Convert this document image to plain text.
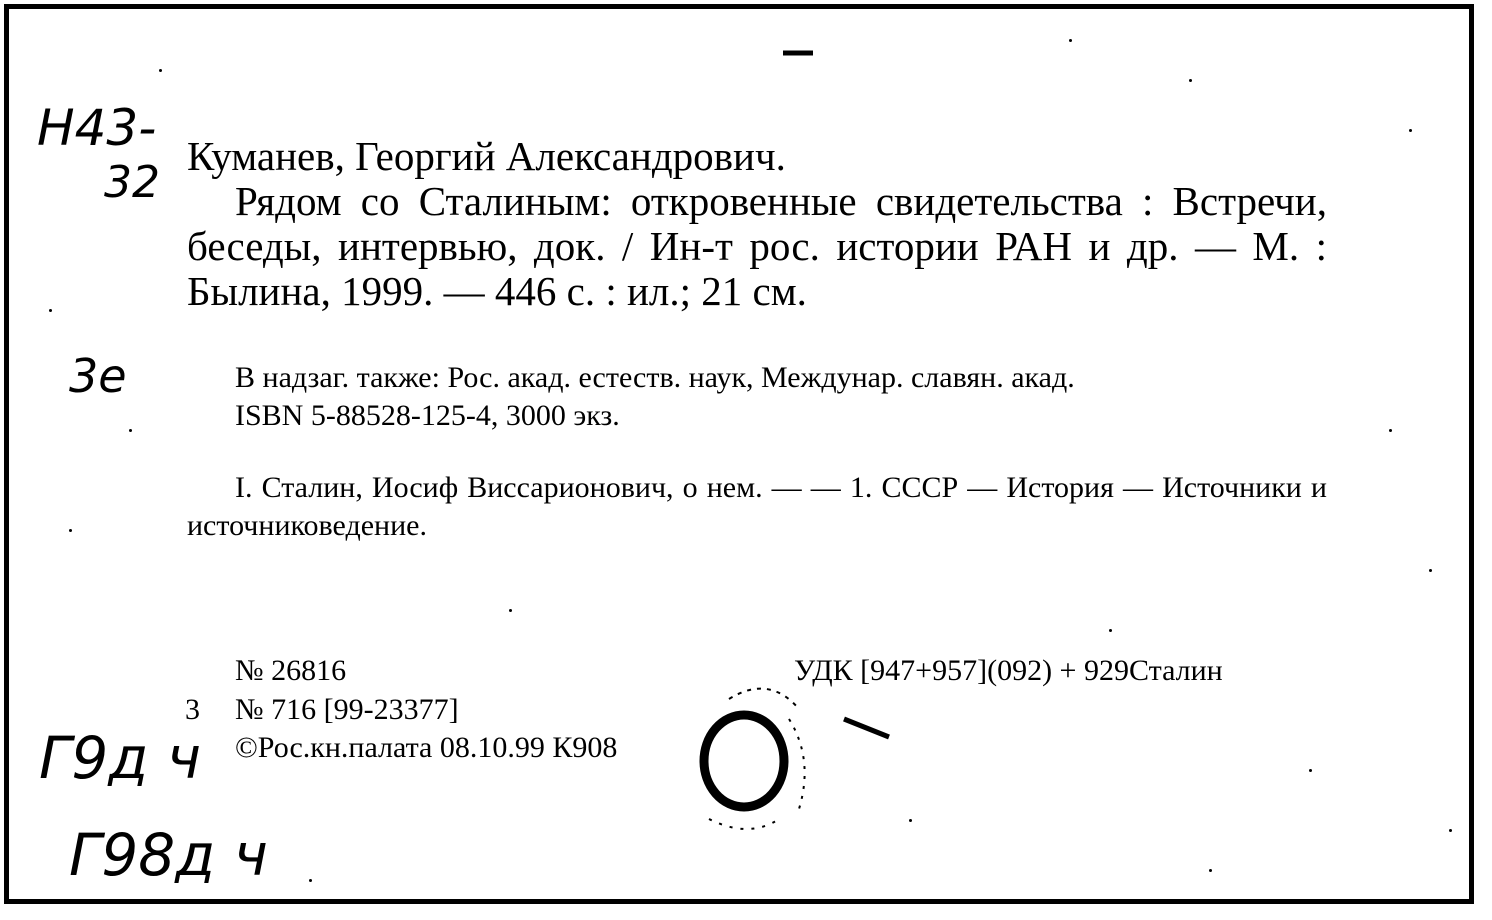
Н43-
32
3е
Г9д ч
Г98д ч

Куманев, Георгий Александрович.

Рядом со Сталиным: откровенные свидетельства : Встречи, беседы, интервью, док. / Ин-т рос. истории РАН и др. — М. : Былина, 1999. — 446 с. : ил.; 21 см.

В надзаг. также: Рос. акад. естеств. наук, Междунар. славян. акад.

ISBN 5-88528-125-4, 3000 экз.

I. Сталин, Иосиф Виссарионович, о нем. — — 1. СССР — История — Источники и источниковедение.

№ 26816
3 № 716 [99-23377]
©Рос.кн.палата 08.10.99 К908
УДК [947+957](092) + 929Сталин
